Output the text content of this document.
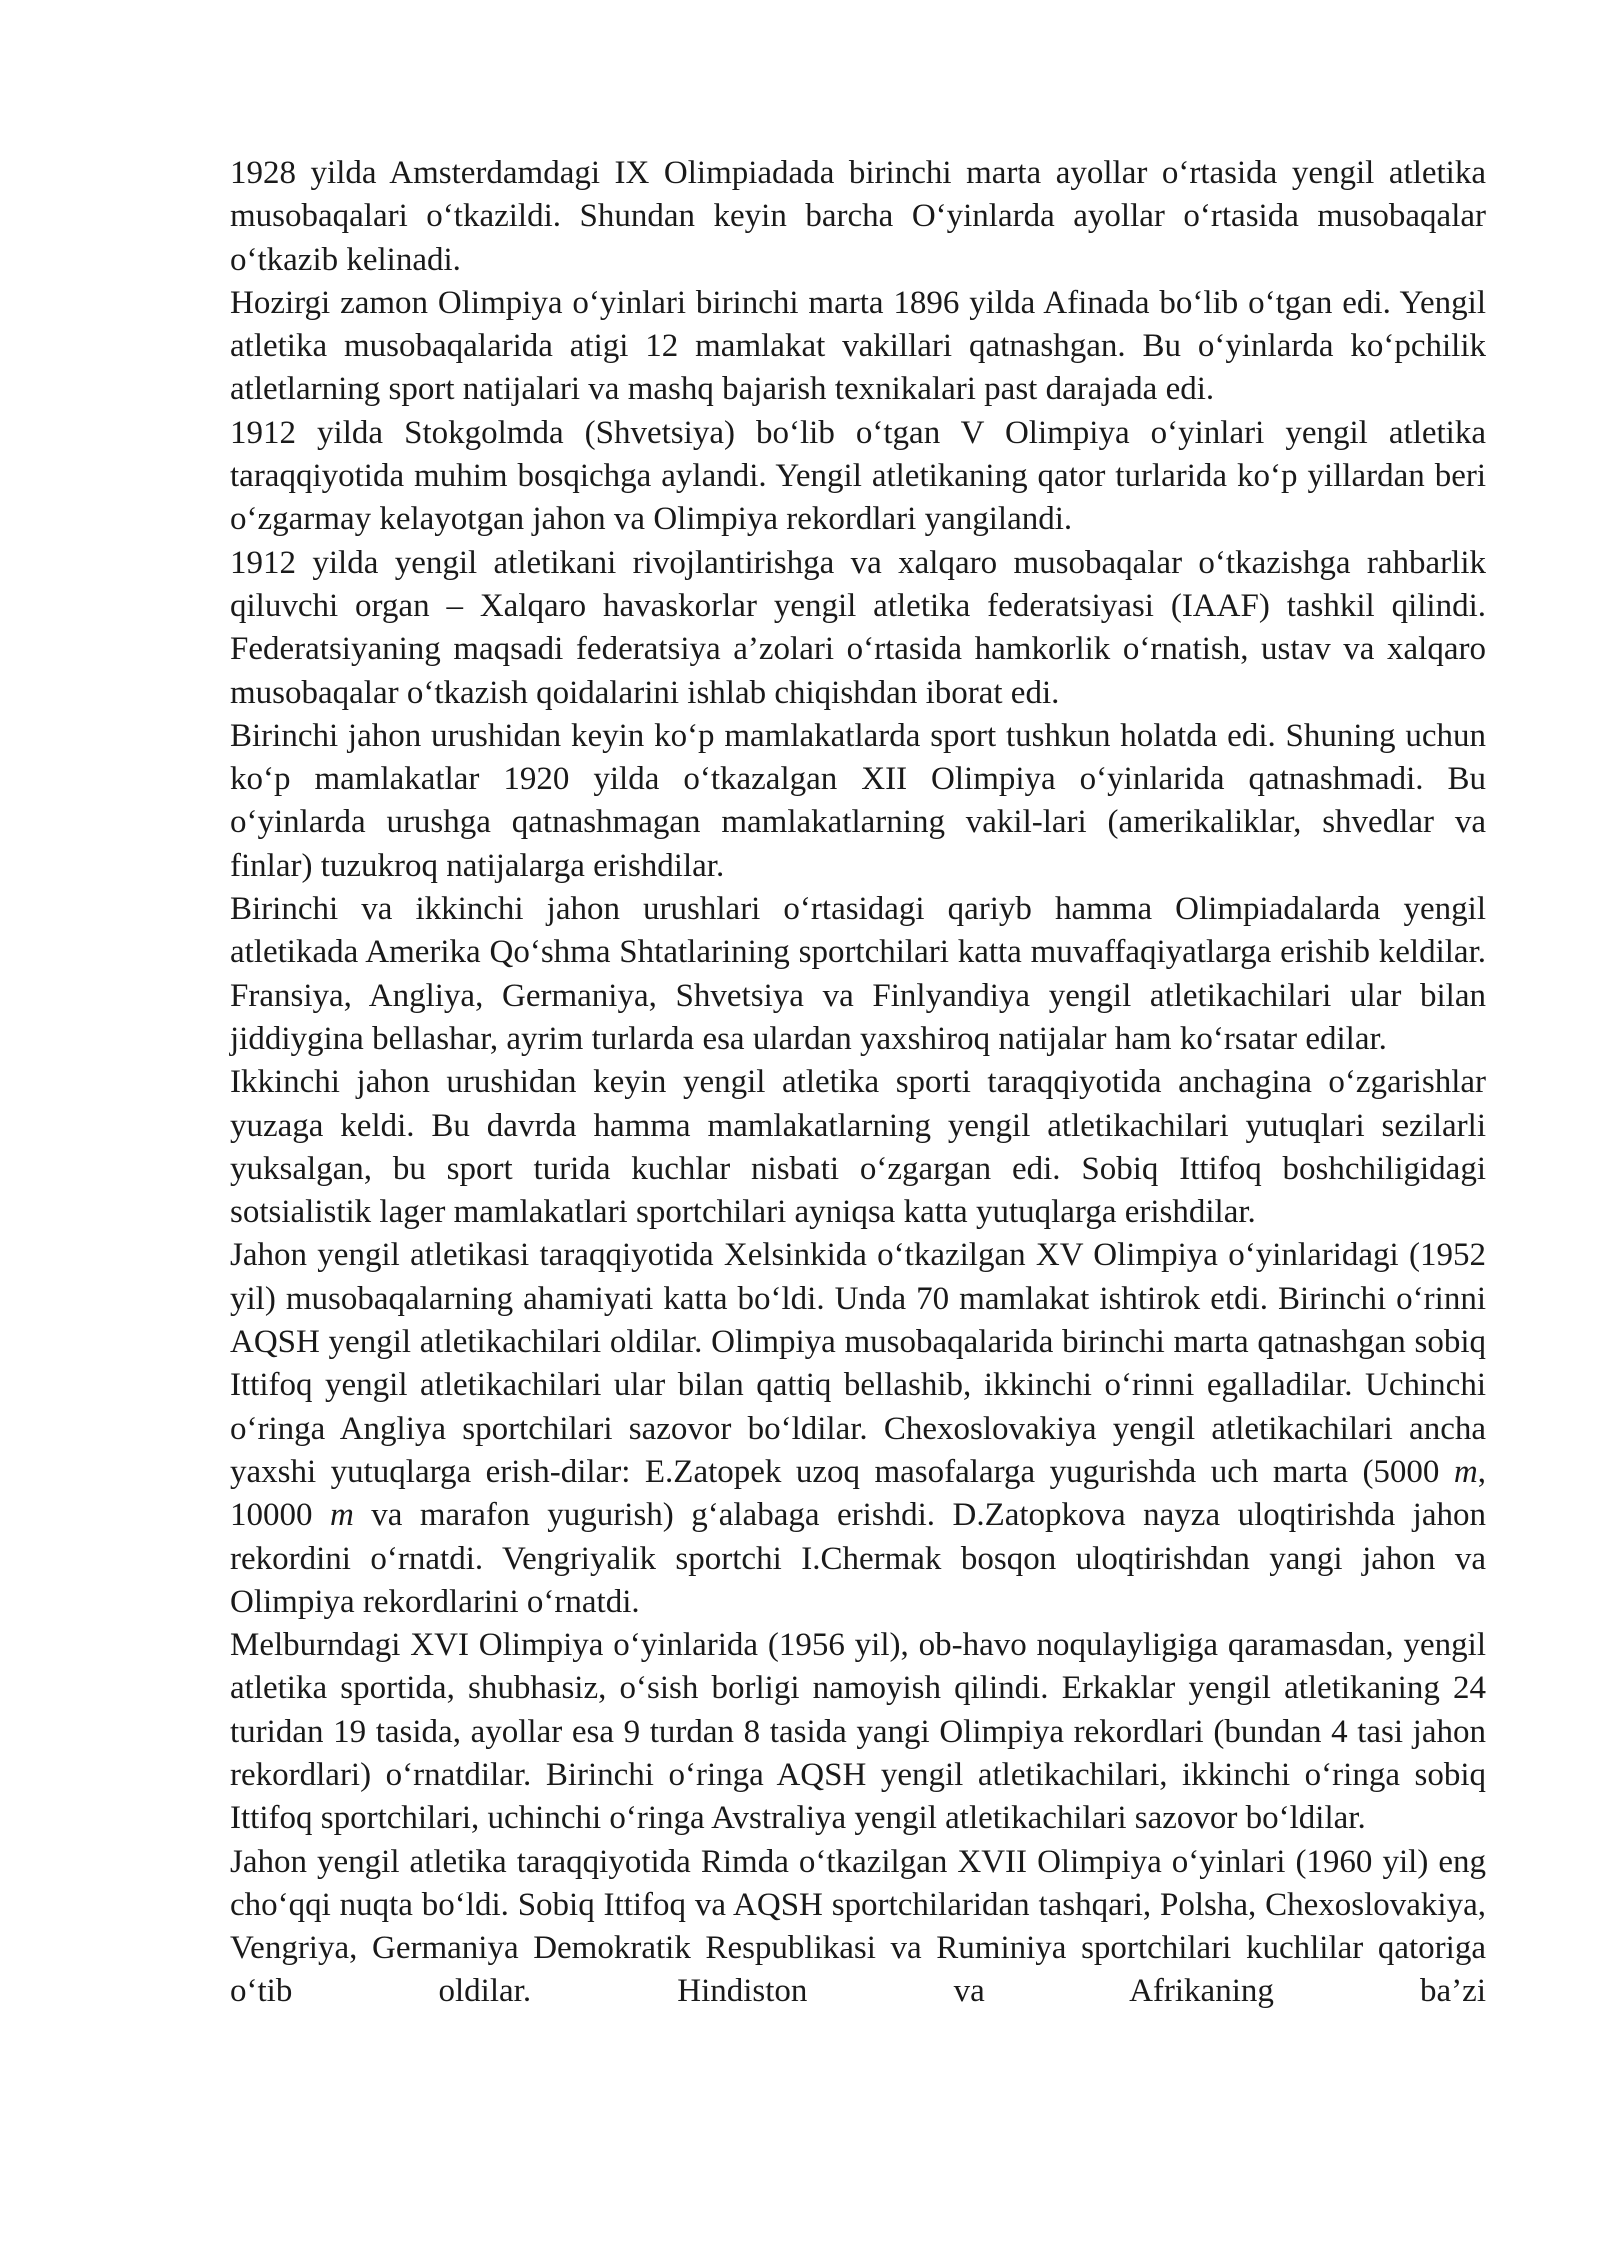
1928 yilda Amsterdamdagi IX Olimpiadada birinchi marta ayollar oʻrtasida yengil atletika musobaqalari oʻtkazildi. Shundan keyin barcha Oʻyinlarda ayollar oʻrtasida musobaqalar oʻtkazib kelinadi.

Hozirgi zamon Olimpiya oʻyinlari birinchi marta 1896 yilda Afinada boʻlib oʻtgan edi. Yengil atletika musobaqalarida atigi 12 mamlakat vakillari qatnashgan. Bu oʻyinlarda koʻpchilik atletlarning sport natijalari va mashq bajarish texnikalari past darajada edi.

1912 yilda Stokgolmda (Shvetsiya) boʻlib oʻtgan V Olimpiya oʻyinlari yengil atletika taraqqiyotida muhim bosqichga aylandi. Yengil atletikaning qator turlarida koʻp yillardan beri oʻzgarmay kelayotgan jahon va Olimpiya rekordlari yangilandi.

1912 yilda yengil atletikani rivojlantirishga va xalqaro musobaqalar oʻtkazishga rahbarlik qiluvchi organ – Xalqaro havaskorlar yengil atletika federatsiyasi (IAAF) tashkil qilindi. Federatsiyaning maqsadi federatsiya a’zolari oʻrtasida hamkorlik oʻrnatish, ustav va xalqaro musobaqalar oʻtkazish qoidalarini ishlab chiqishdan iborat edi.

Birinchi jahon urushidan keyin koʻp mamlakatlarda sport tushkun holatda edi. Shuning uchun koʻp mamlakatlar 1920 yilda oʻtkazalgan XII Olimpiya oʻyinlarida qatnashmadi. Bu oʻyinlarda urushga qatnashmagan mamlakatlarning vakil-lari (amerikaliklar, shvedlar va finlar) tuzukroq natijalarga erishdilar.

Birinchi va ikkinchi jahon urushlari oʻrtasidagi qariyb hamma Olimpiadalarda yengil atletikada Amerika Qoʻshma Shtatlarining sportchilari katta muvaffaqiyatlarga erishib keldilar. Fransiya, Angliya, Germaniya, Shvetsiya va Finlyandiya yengil atletikachilari ular bilan jiddiygina bellashar, ayrim turlarda esa ulardan yaxshiroq natijalar ham koʻrsatar edilar.

Ikkinchi jahon urushidan keyin yengil atletika sporti taraqqiyotida anchagina oʻzgarishlar yuzaga keldi. Bu davrda hamma mamlakatlarning yengil atletikachilari yutuqlari sezilarli yuksalgan, bu sport turida kuchlar nisbati oʻzgargan edi. Sobiq Ittifoq boshchiligidagi sotsialistik lager mamlakatlari sportchilari ayniqsa katta yutuqlarga erishdilar.

Jahon yengil atletikasi taraqqiyotida Xelsinkida oʻtkazilgan XV Olimpiya oʻyinlaridagi (1952 yil) musobaqalarning ahamiyati katta boʻldi. Unda 70 mamlakat ishtirok etdi. Birinchi oʻrinni AQSH yengil atletikachilari oldilar. Olimpiya musobaqalarida birinchi marta qatnashgan sobiq Ittifoq yengil atletikachilari ular bilan qattiq bellashib, ikkinchi oʻrinni egalladilar. Uchinchi oʻringa Angliya sportchilari sazovor boʻldilar. Chexoslovakiya yengil atletikachilari ancha yaxshi yutuqlarga erish-dilar: E.Zatopek uzoq masofalarga yugurishda uch marta (5000 m, 10000 m va marafon yugurish) gʻalabaga erishdi. D.Zatopkova nayza uloqtirishda jahon rekordini oʻrnatdi. Vengriyalik sportchi I.Chermak bosqon uloqtirishdan yangi jahon va Olimpiya rekordlarini oʻrnatdi.

Melburndagi XVI Olimpiya oʻyinlarida (1956 yil), ob-havo noqulayligiga qaramasdan, yengil atletika sportida, shubhasiz, oʻsish borligi namoyish qilindi. Erkaklar yengil atletikaning 24 turidan 19 tasida, ayollar esa 9 turdan 8 tasida yangi Olimpiya rekordlari (bundan 4 tasi jahon rekordlari) oʻrnatdilar. Birinchi oʻringa AQSH yengil atletikachilari, ikkinchi oʻringa sobiq Ittifoq sportchilari, uchinchi oʻringa Avstraliya yengil atletikachilari sazovor boʻldilar.

Jahon yengil atletika taraqqiyotida Rimda oʻtkazilgan XVII Olimpiya oʻyinlari (1960 yil) eng choʻqqi nuqta boʻldi. Sobiq Ittifoq va AQSH sportchilaridan tashqari, Polsha, Chexoslovakiya, Vengriya, Germaniya Demokratik Respublikasi va Ruminiya sportchilari kuchlilar qatoriga oʻtib oldilar. Hindiston va Afrikaning ba’zi
